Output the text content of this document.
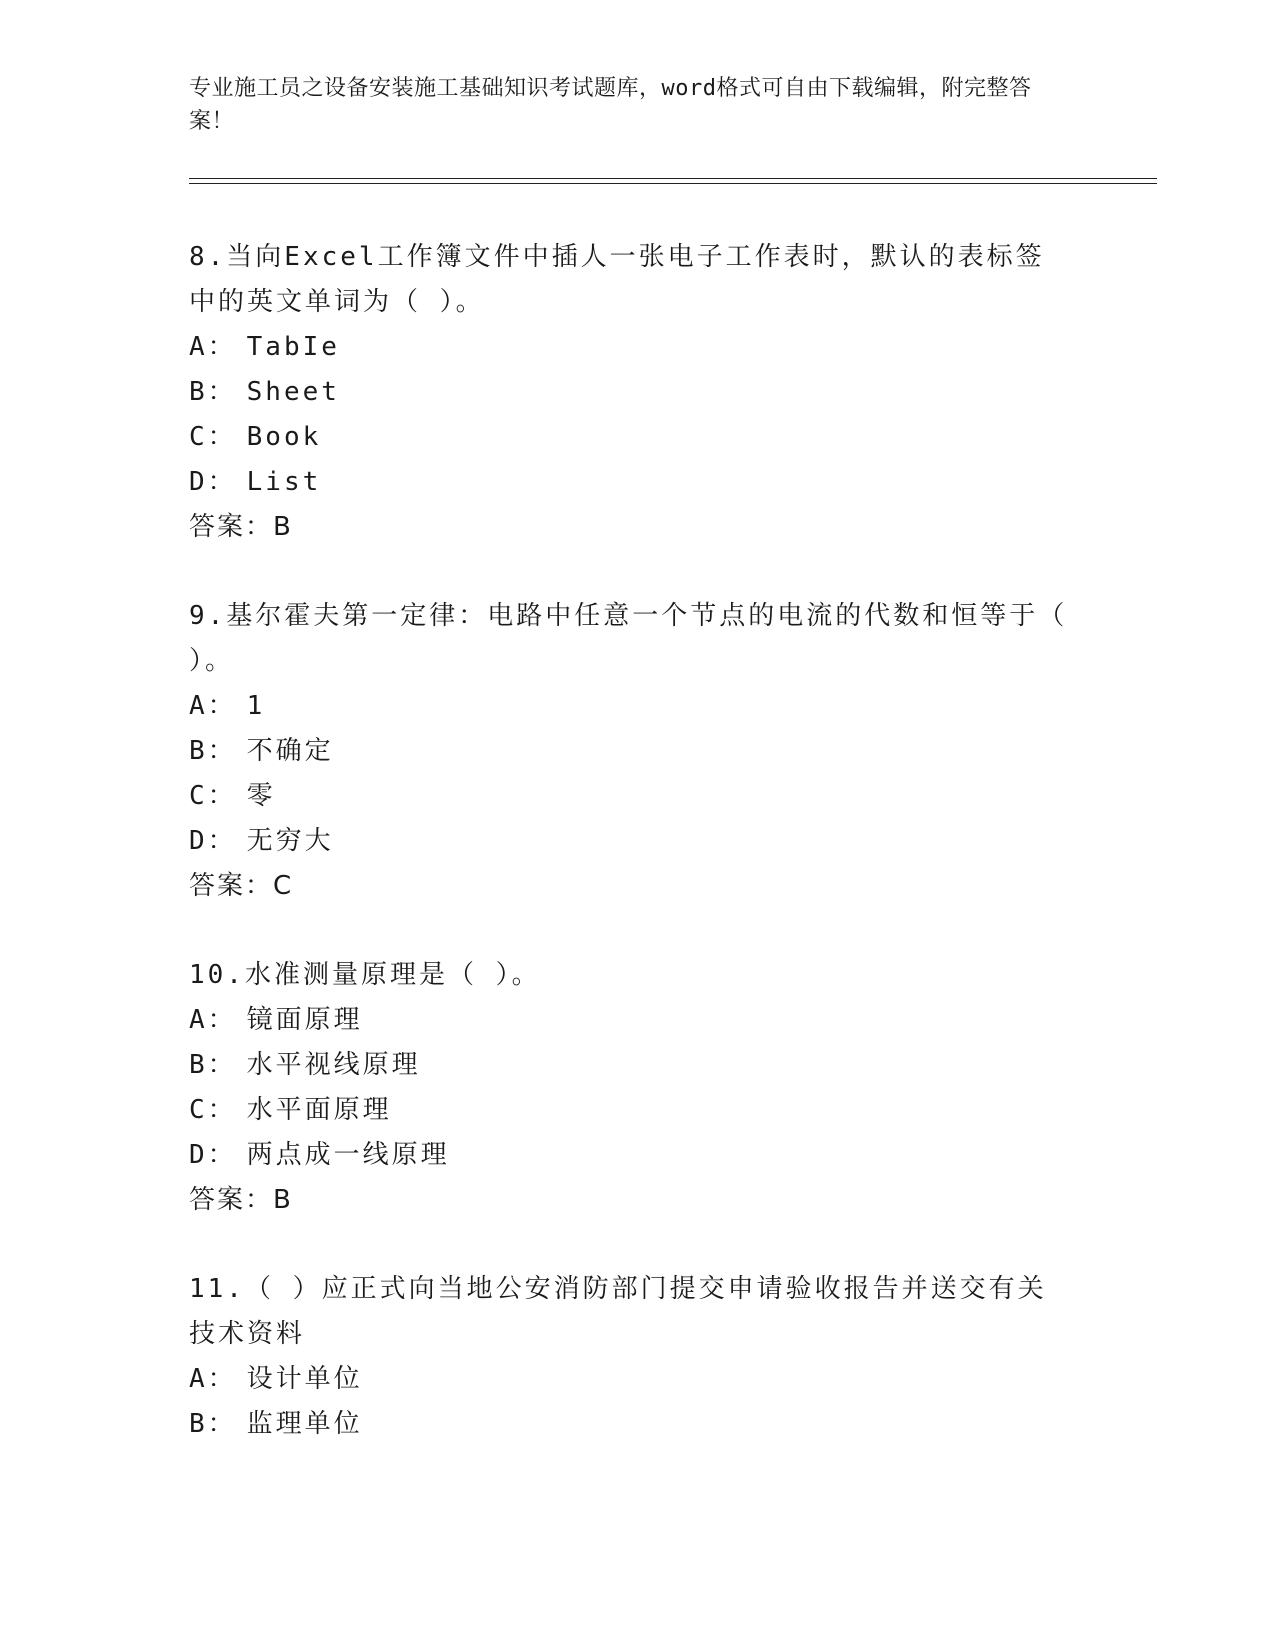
专业施工员之设备安装施工基础知识考试题库，word格式可自由下载编辑，附完整答案！
8.当向Excel工作簿文件中插人一张电子工作表时，默认的表标签中的英文单词为（ ）。
A： TabIe
B： Sheet
C： Book
D： List
答案：B
9.基尔霍夫第一定律：电路中任意一个节点的电流的代数和恒等于（ ）。
A： 1
B： 不确定
C： 零
D： 无穷大
答案：C
10.水准测量原理是（ ）。
A： 镜面原理
B： 水平视线原理
C： 水平面原理
D： 两点成一线原理
答案：B
11.（ ）应正式向当地公安消防部门提交申请验收报告并送交有关技术资料
A： 设计单位
B： 监理单位
